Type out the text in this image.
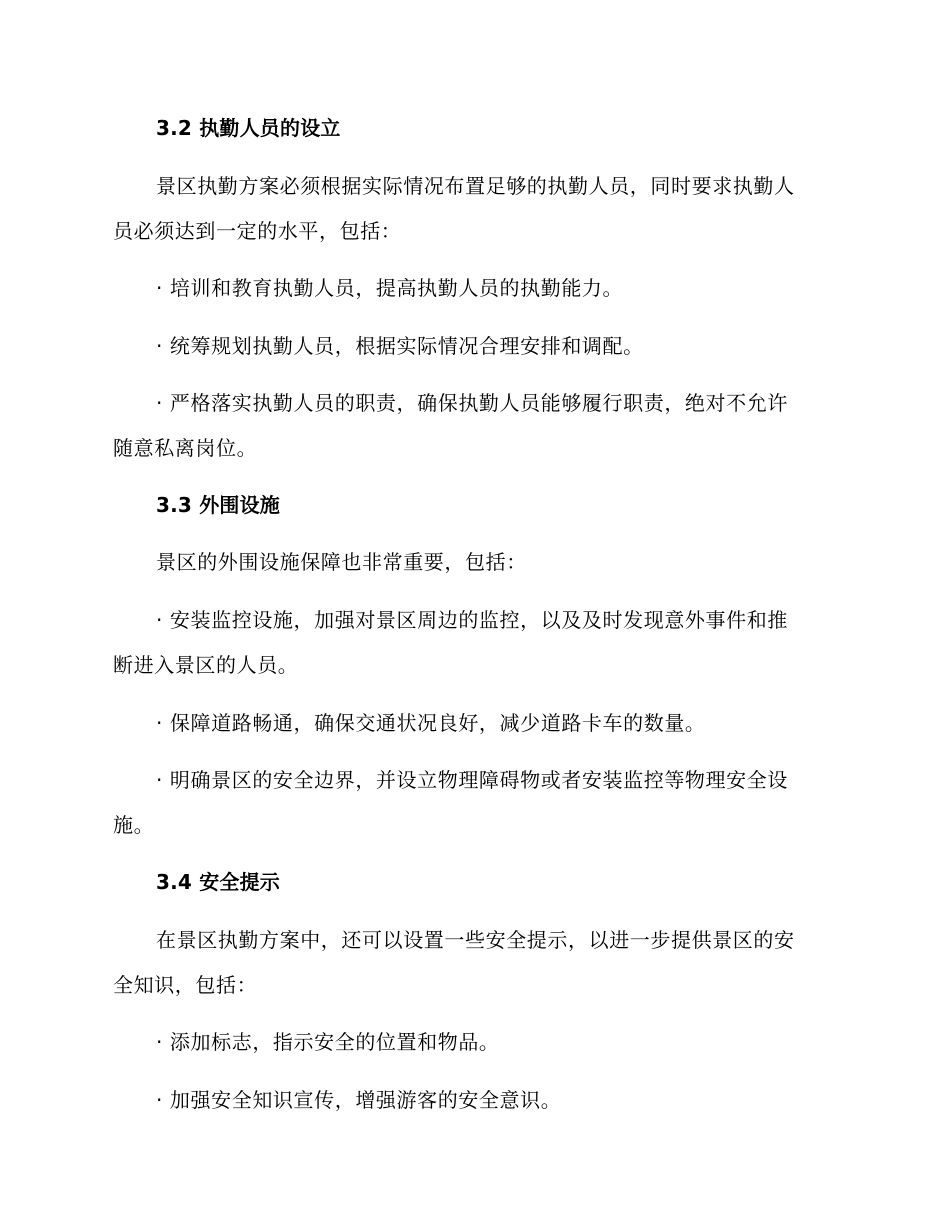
3.2 执勤人员的设立
景区执勤方案必须根据实际情况布置足够的执勤人员，同时要求执勤人
员必须达到一定的水平，包括：
· 培训和教育执勤人员，提高执勤人员的执勤能力。
· 统筹规划执勤人员，根据实际情况合理安排和调配。
· 严格落实执勤人员的职责，确保执勤人员能够履行职责，绝对不允许
随意私离岗位。
3.3 外围设施
景区的外围设施保障也非常重要，包括：
· 安装监控设施，加强对景区周边的监控，以及及时发现意外事件和推
断进入景区的人员。
· 保障道路畅通，确保交通状况良好，减少道路卡车的数量。
· 明确景区的安全边界，并设立物理障碍物或者安装监控等物理安全设
施。
3.4 安全提示
在景区执勤方案中，还可以设置一些安全提示，以进一步提供景区的安
全知识，包括：
· 添加标志，指示安全的位置和物品。
· 加强安全知识宣传，增强游客的安全意识。
